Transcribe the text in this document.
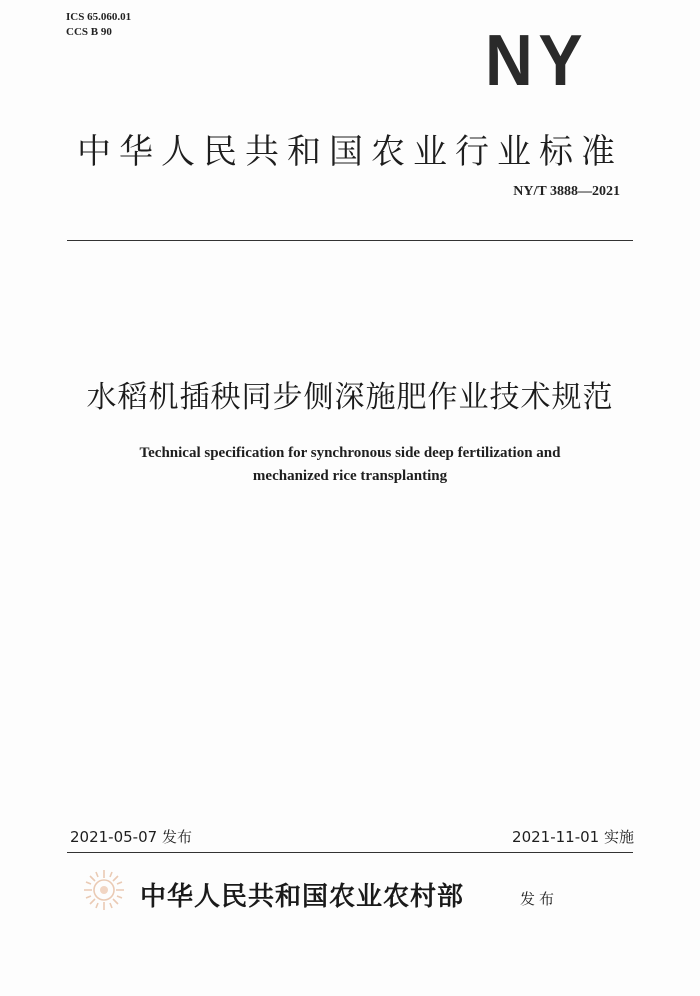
ICS 65.060.01
CCS B 90	NY
中华人民共和国农业行业标准
NY/T 3888—2021
水稻机插秧同步侧深施肥作业技术规范
Technical specification for synchronous side deep fertilization and
mechanized rice transplanting
2021-05-07 发布	2021-11-01 实施
中华人民共和国农业农村部	发布
